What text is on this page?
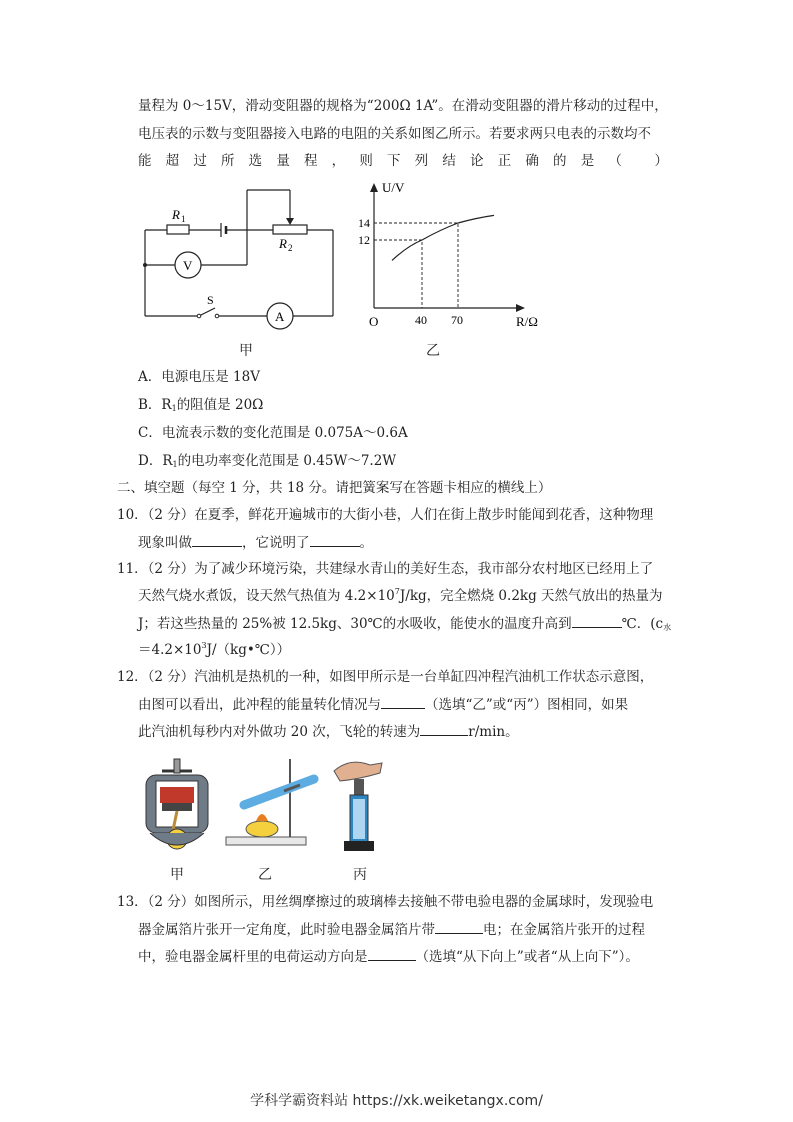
量程为 0～15V，滑动变阻器的规格为“200Ω 1A”。在滑动变阻器的滑片移动的过程中，
电压表的示数与变阻器接入电路的电阻的关系如图乙所示。若要求两只电表的示数均不
能超过所选量程，则下列结论正确的是（ ）
R 1
R 2
V
A
S
甲
U/V
R/Ω
O
14
12
40 70
乙
A．电源电压是 18V
B．$R_1$的阻值是 20Ω
C．电流表示数的变化范围是 0.075A～0.6A
D．$R_1$的电功率变化范围是 0.45W～7.2W
二、填空题（每空 1 分，共 18 分。请把簧案写在答题卡相应的横线上）
10．（2 分）在夏季，鲜花开遍城市的大街小巷，人们在街上散步时能闻到花香，这种物理
现象叫做	，它说明了	。
11．（2 分）为了减少环境污染，共建绿水青山的美好生态，我市部分农村地区已经用上了
天然气烧水煮饭，设天然气热值为 $4.2\times 10^7J/kg$，完全燃烧 0.2kg 天然气放出的热量为
J；若这些热量的 25%被 12.5kg、30℃的水吸收，能使水的温度升高到	℃．($c_水$
$=4.2\times 10^3J/(kg•℃)$）
12．（2 分）汽油机是热机的一种，如图甲所示是一台单缸四冲程汽油机工作状态示意图，
由图可以看出，此冲程的能量转化情况与	（选填“乙”或“丙”）图相同，如果
此汽油机每秒内对外做功 20 次，飞轮的转速为	r/min。
甲	乙	丙
13．（2 分）如图所示，用丝绸摩擦过的玻璃棒去接触不带电验电器的金属球时，发现验电
器金属箔片张开一定角度，此时验电器金属箔片带	电；在金属箔片张开的过程
中，验电器金属杆里的电荷运动方向是	（选填“从下向上”或者“从上向下”）。
学科学霸资料站 https://xk.weiketangx.com/
